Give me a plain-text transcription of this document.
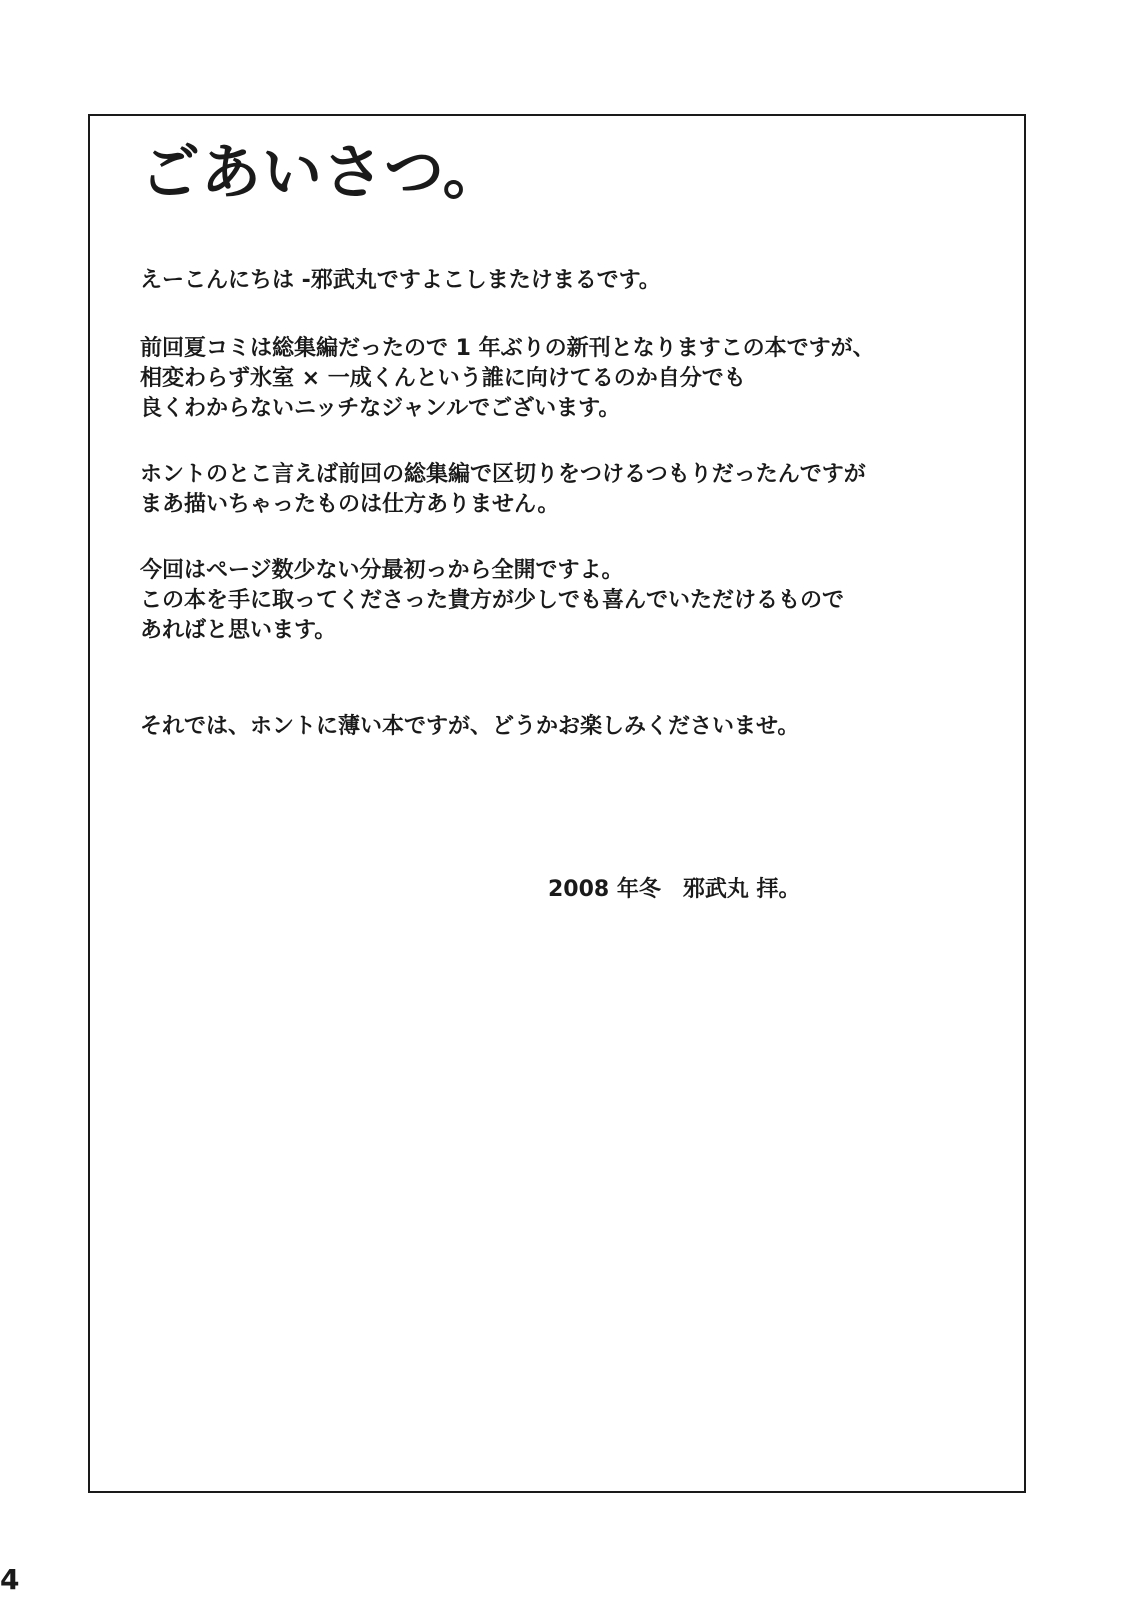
ごあいさつ。
えーこんにちは -邪武丸ですよこしまたけまるです。
前回夏コミは総集編だったので 1 年ぶりの新刊となりますこの本ですが、
相変わらず氷室 × 一成くんという誰に向けてるのか自分でも
良くわからないニッチなジャンルでございます。
ホントのとこ言えば前回の総集編で区切りをつけるつもりだったんですが
まあ描いちゃったものは仕方ありません。
今回はページ数少ない分最初っから全開ですよ。
この本を手に取ってくださった貴方が少しでも喜んでいただけるもので
あればと思います。
それでは、ホントに薄い本ですが、どうかお楽しみくださいませ。
2008 年冬　邪武丸 拝。
4
